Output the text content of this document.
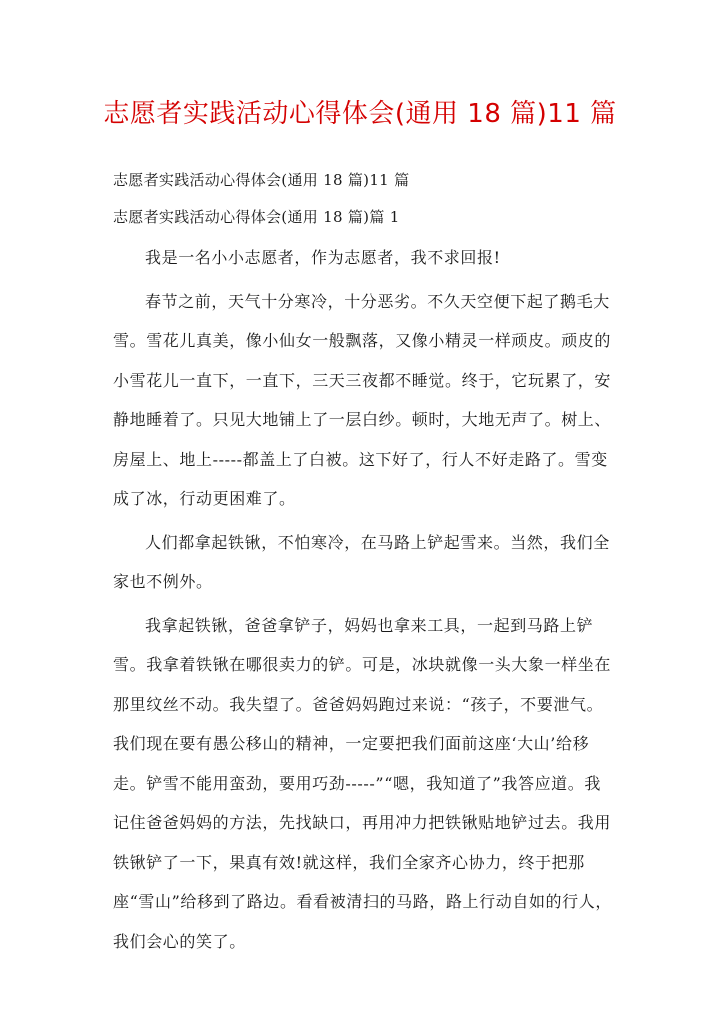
志愿者实践活动心得体会(通用 18 篇)11 篇
志愿者实践活动心得体会(通用 18 篇)11 篇
志愿者实践活动心得体会(通用 18 篇)篇 1

我是一名小小志愿者，作为志愿者，我不求回报!

春节之前，天气十分寒冷，十分恶劣。不久天空便下起了鹅毛大雪。雪花儿真美，像小仙女一般飘落，又像小精灵一样顽皮。顽皮的小雪花儿一直下，一直下，三天三夜都不睡觉。终于，它玩累了，安静地睡着了。只见大地铺上了一层白纱。顿时，大地无声了。树上、房屋上、地上-----都盖上了白被。这下好了，行人不好走路了。雪变成了冰，行动更困难了。

人们都拿起铁锹，不怕寒冷，在马路上铲起雪来。当然，我们全家也不例外。

我拿起铁锹，爸爸拿铲子，妈妈也拿来工具，一起到马路上铲雪。我拿着铁锹在哪很卖力的铲。可是，冰块就像一头大象一样坐在那里纹丝不动。我失望了。爸爸妈妈跑过来说：“孩子，不要泄气。我们现在要有愚公移山的精神，一定要把我们面前这座‘大山’给移走。铲雪不能用蛮劲，要用巧劲-----”“嗯，我知道了”我答应道。我记住爸爸妈妈的方法，先找缺口，再用冲力把铁锹贴地铲过去。我用铁锹铲了一下，果真有效!就这样，我们全家齐心协力，终于把那座“雪山”给移到了路边。看看被清扫的马路，路上行动自如的行人，我们会心的笑了。
